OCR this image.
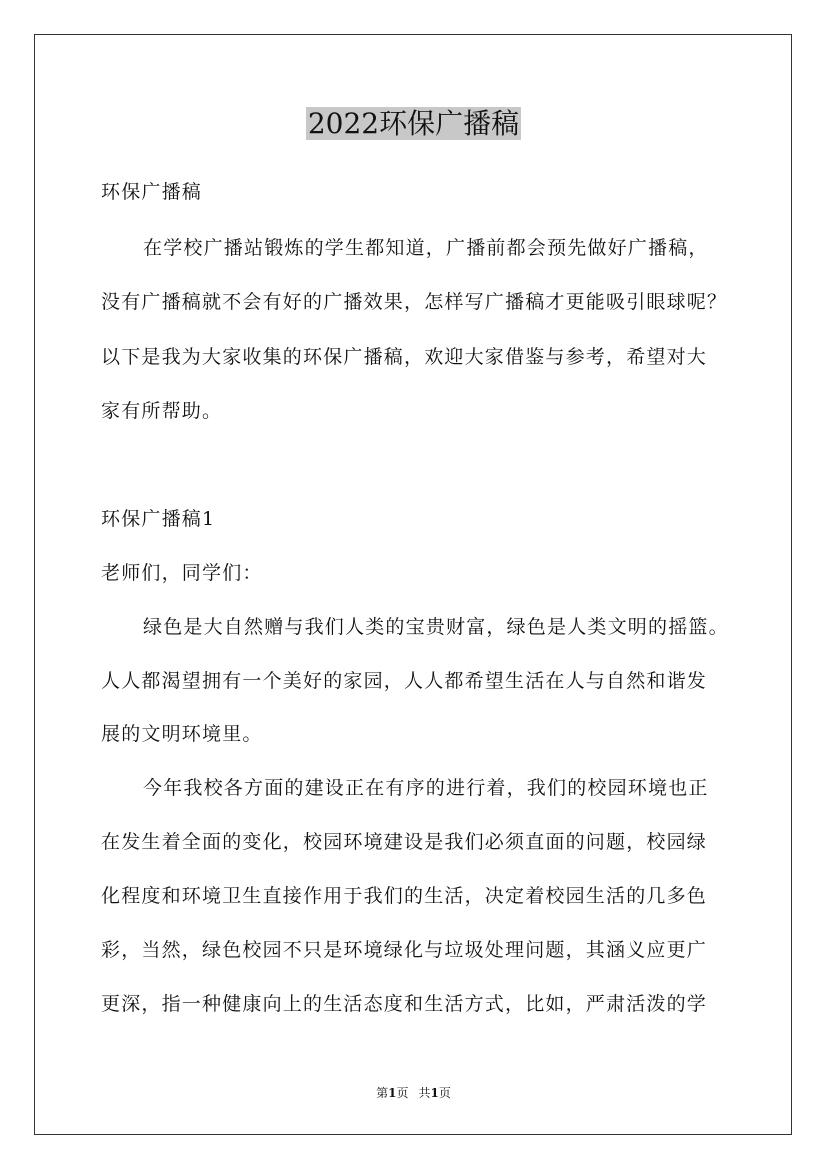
2022环保广播稿

环保广播稿

在学校广播站锻炼的学生都知道，广播前都会预先做好广播稿，

没有广播稿就不会有好的广播效果，怎样写广播稿才更能吸引眼球呢？

以下是我为大家收集的环保广播稿，欢迎大家借鉴与参考，希望对大

家有所帮助。

环保广播稿1

老师们，同学们：

绿色是大自然赠与我们人类的宝贵财富，绿色是人类文明的摇篮。

人人都渴望拥有一个美好的家园，人人都希望生活在人与自然和谐发

展的文明环境里。

今年我校各方面的建设正在有序的进行着，我们的校园环境也正

在发生着全面的变化，校园环境建设是我们必须直面的问题，校园绿

化程度和环境卫生直接作用于我们的生活，决定着校园生活的几多色

彩，当然，绿色校园不只是环境绿化与垃圾处理问题，其涵义应更广

更深，指一种健康向上的生活态度和生活方式，比如，严肃活泼的学

第1页 共1页
